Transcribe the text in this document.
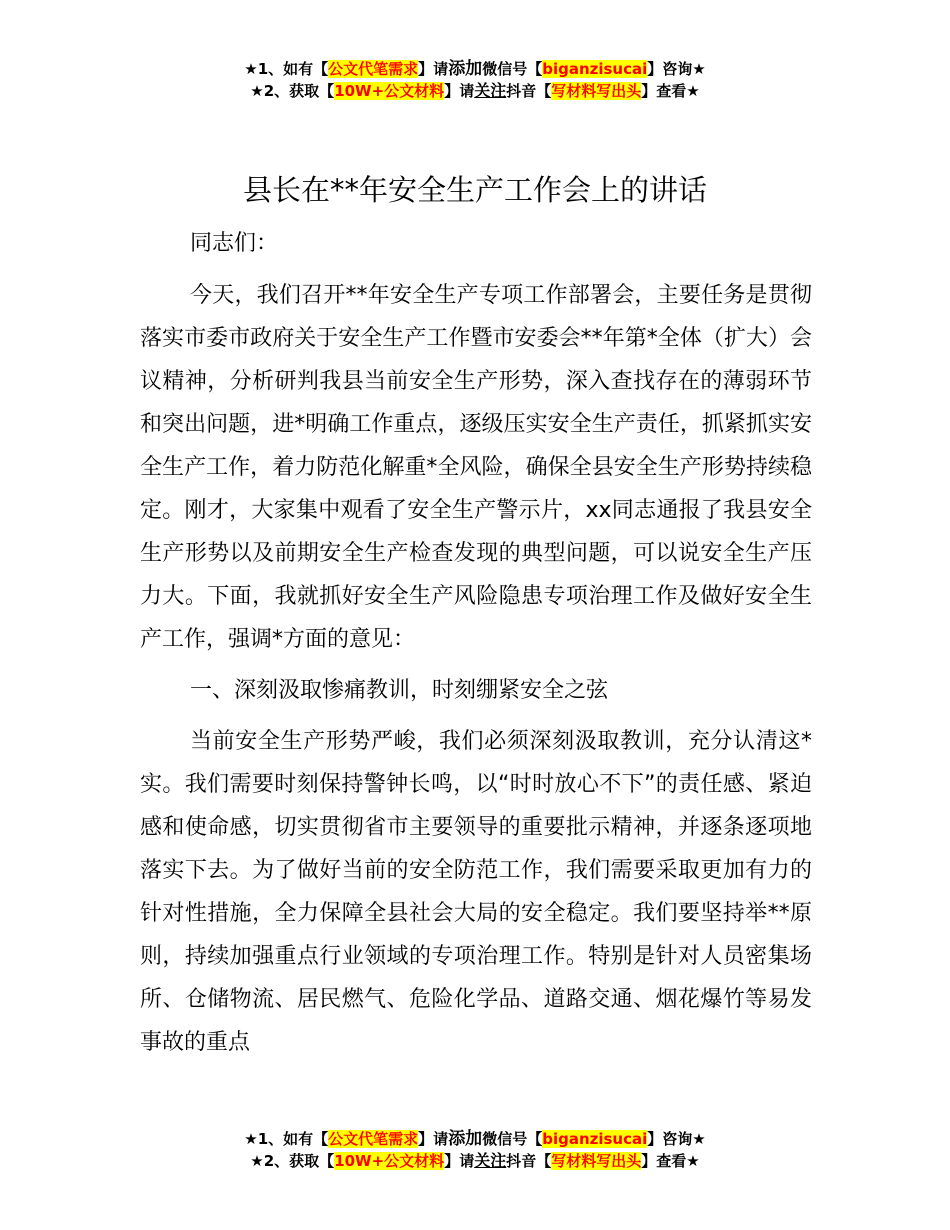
★1、如有【公文代笔需求】请添加微信号【biganzisucai】咨询★
★2、获取【10W+公文材料】请关注抖音【写材料写出头】查看★
县长在**年安全生产工作会上的讲话

同志们：

今天，我们召开**年安全生产专项工作部署会，主要任务是贯彻落实市委市政府关于安全生产工作暨市安委会**年第*全体（扩大）会议精神，分析研判我县当前安全生产形势，深入查找存在的薄弱环节和突出问题，进*明确工作重点，逐级压实安全生产责任，抓紧抓实安全生产工作，着力防范化解重*全风险，确保全县安全生产形势持续稳定。刚才，大家集中观看了安全生产警示片，xx同志通报了我县安全生产形势以及前期安全生产检查发现的典型问题，可以说安全生产压力大。下面，我就抓好安全生产风险隐患专项治理工作及做好安全生产工作，强调*方面的意见：

一、深刻汲取惨痛教训，时刻绷紧安全之弦

当前安全生产形势严峻，我们必须深刻汲取教训，充分认清这*实。我们需要时刻保持警钟长鸣，以“时时放心不下”的责任感、紧迫感和使命感，切实贯彻省市主要领导的重要批示精神，并逐条逐项地落实下去。为了做好当前的安全防范工作，我们需要采取更加有力的针对性措施，全力保障全县社会大局的安全稳定。我们要坚持举**原则，持续加强重点行业领域的专项治理工作。特别是针对人员密集场所、仓储物流、居民燃气、危险化学品、道路交通、烟花爆竹等易发事故的重点

★1、如有【公文代笔需求】请添加微信号【biganzisucai】咨询★
★2、获取【10W+公文材料】请关注抖音【写材料写出头】查看★
